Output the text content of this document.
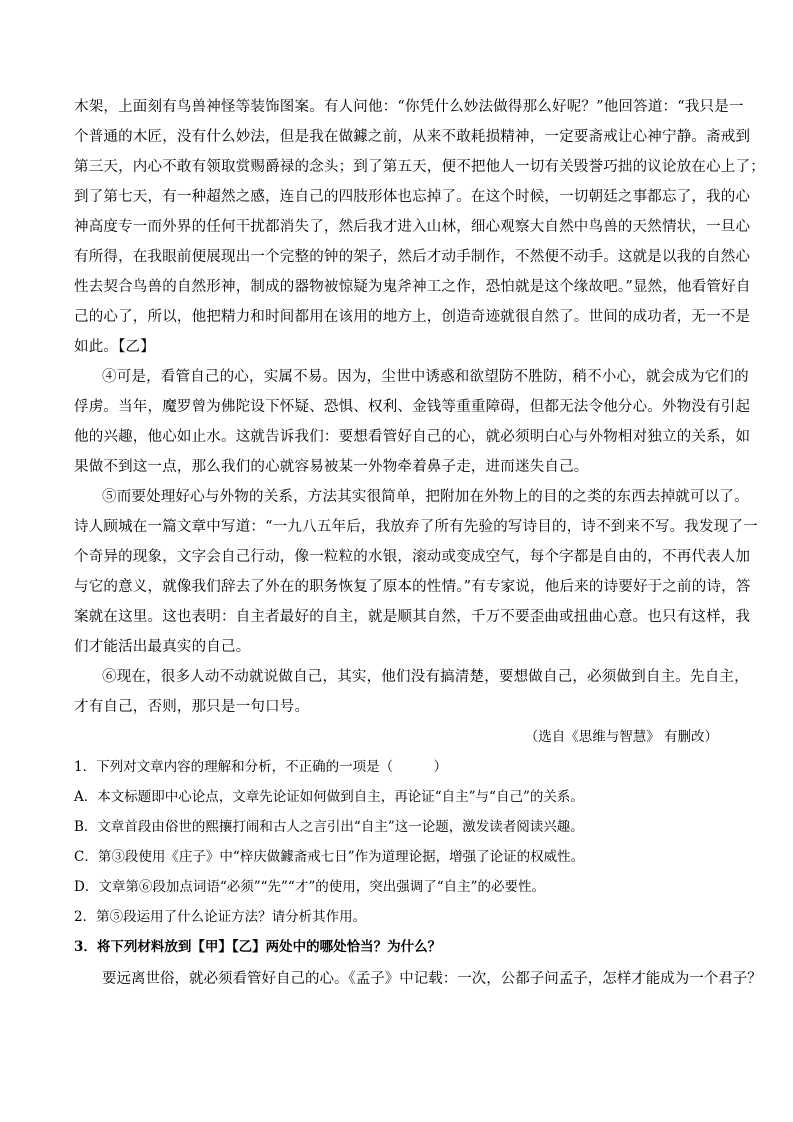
木架，上面刻有鸟兽神怪等装饰图案。有人问他：“你凭什么妙法做得那么好呢？”他回答道：“我只是一
个普通的木匠，没有什么妙法，但是我在做鐻之前，从来不敢耗损精神，一定要斋戒让心神宁静。斋戒到
第三天，内心不敢有领取赏赐爵禄的念头；到了第五天，便不把他人一切有关毁誉巧拙的议论放在心上了；
到了第七天，有一种超然之感，连自己的四肢形体也忘掉了。在这个时候，一切朝廷之事都忘了，我的心
神高度专一而外界的任何干扰都消失了，然后我才进入山林，细心观察大自然中鸟兽的天然情状，一旦心
有所得，在我眼前便展现出一个完整的钟的架子，然后才动手制作，不然便不动手。这就是以我的自然心
性去契合鸟兽的自然形神，制成的器物被惊疑为鬼斧神工之作，恐怕就是这个缘故吧。”显然，他看管好自
己的心了，所以，他把精力和时间都用在该用的地方上，创造奇迹就很自然了。世间的成功者，无一不是
如此。【乙】
④可是，看管自己的心，实属不易。因为，尘世中诱惑和欲望防不胜防，稍不小心，就会成为它们的
俘虏。当年，魔罗曾为佛陀设下怀疑、恐惧、权利、金钱等重重障碍，但都无法令他分心。外物没有引起
他的兴趣，他心如止水。这就告诉我们：要想看管好自己的心，就必须明白心与外物相对独立的关系，如
果做不到这一点，那么我们的心就容易被某一外物牵着鼻子走，进而迷失自己。
⑤而要处理好心与外物的关系，方法其实很简单，把附加在外物上的目的之类的东西去掉就可以了。
诗人顾城在一篇文章中写道：“一九八五年后，我放弃了所有先验的写诗目的，诗不到来不写。我发现了一
个奇异的现象，文字会自己行动，像一粒粒的水银，滚动或变成空气，每个字都是自由的，不再代表人加
与它的意义，就像我们辞去了外在的职务恢复了原本的性情。”有专家说，他后来的诗要好于之前的诗，答
案就在这里。这也表明：自主者最好的自主，就是顺其自然，千万不要歪曲或扭曲心意。也只有这样，我
们才能活出最真实的自己。
⑥现在，很多人动不动就说做自己，其实，他们没有搞清楚，要想做自己，必须做到自主。先自主，
才有自己，否则，那只是一句口号。
（选自《思维与智慧》 有删改）
1．下列对文章内容的理解和分析，不正确的一项是（　　　）
A．本文标题即中心论点，文章先论证如何做到自主，再论证“自主”与“自己”的关系。
B．文章首段由俗世的熙攘打闹和古人之言引出“自主”这一论题，激发读者阅读兴趣。
C．第③段使用《庄子》中“梓庆做鐻斋戒七日”作为道理论据，增强了论证的权威性。
D．文章第⑥段加点词语“必须”“先”“才”的使用，突出强调了“自主”的必要性。
2．第⑤段运用了什么论证方法？请分析其作用。
3．将下列材料放到【甲】【乙】两处中的哪处恰当？为什么？
要远离世俗，就必须看管好自己的心。《孟子》中记载：一次，公都子问孟子，怎样才能成为一个君子？
